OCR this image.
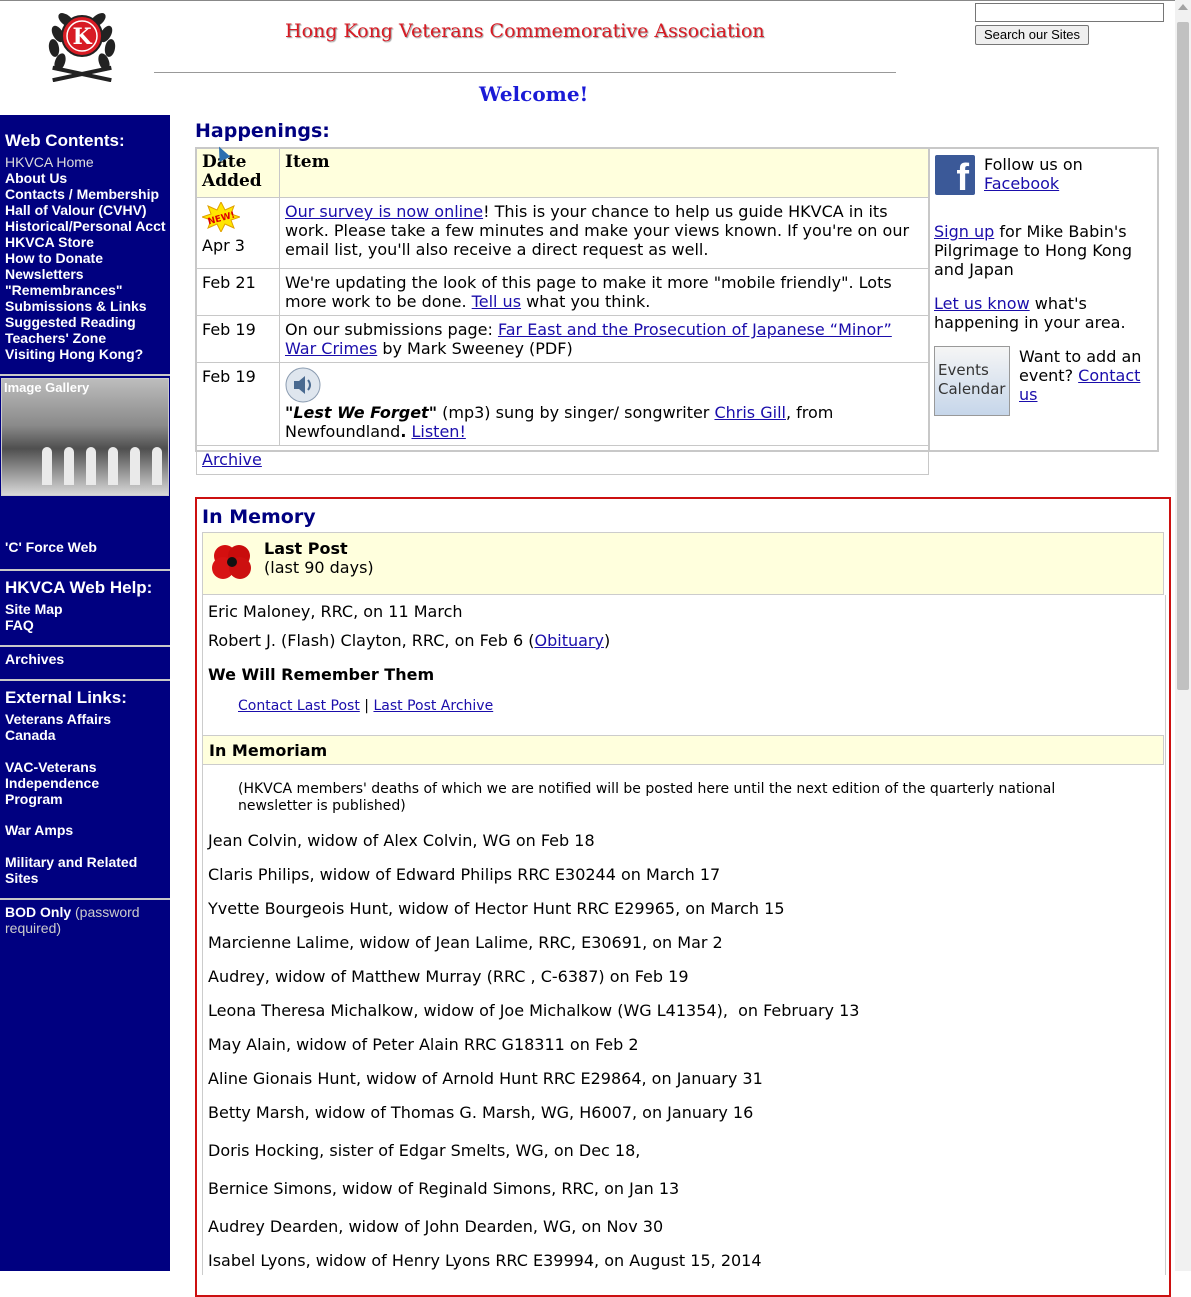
K	Hong Kong Veterans Commemorative Association
Welcome!
Search our Sites
Web Contents:
HKVCA Home
About Us
Contacts / Membership
Hall of Valour (CVHV)
Historical/Personal Acct
HKVCA Store
How to Donate
Newsletters
"Remembrances"
Submissions & Links
Suggested Reading
Teachers' Zone
Visiting Hong Kong?
Image Gallery
'C' Force Web
HKVCA Web Help:
Site Map
FAQ
Archives
External Links:
Veterans Affairs Canada
VAC-Veterans Independence Program
War Amps
Military and Related Sites
BOD Only (password required)
Happenings:
Date Added	Item

NEW!

Apr 3	Our survey is now online! This is your chance to help us guide HKVCA in its work. Please take a few minutes and make your views known. If you're on our email list, you'll also receive a direct request as well.
Feb 21	We're updating the look of this page to make it more "mobile friendly". Lots more work to be done. Tell us what you think.
Feb 19	On our submissions page: Far East and the Prosecution of Japanese “Minor” War Crimes by Mark Sweeney (PDF)
Feb 19	"Lest We Forget" (mp3) sung by singer/ songwriter Chris Gill, from Newfoundland. Listen!
Archive	
f Follow us on
Facebook
Sign up for Mike Babin's Pilgrimage to Hong Kong and Japan
Let us know what's happening in your area.
Events
Calendar
Want to add an event? Contact us
In Memory
Last Post
(last 90 days)
Eric Maloney, RRC, on 11 March
Robert J. (Flash) Clayton, RRC, on Feb 6 (Obituary)
We Will Remember Them
Contact Last Post | Last Post Archive
In Memoriam
(HKVCA members' deaths of which we are notified will be posted here until the next edition of the quarterly national newsletter is published)
Jean Colvin, widow of Alex Colvin, WG on Feb 18
Claris Philips, widow of Edward Philips RRC E30244 on March 17
Yvette Bourgeois Hunt, widow of Hector Hunt RRC E29965, on March 15
Marcienne Lalime, widow of Jean Lalime, RRC, E30691, on Mar 2
Audrey, widow of Matthew Murray (RRC , C-6387) on Feb 19
Leona Theresa Michalkow, widow of Joe Michalkow (WG L41354),  on February 13
May Alain, widow of Peter Alain RRC G18311 on Feb 2
Aline Gionais Hunt, widow of Arnold Hunt RRC E29864, on January 31
Betty Marsh, widow of Thomas G. Marsh, WG, H6007, on January 16
Doris Hocking, sister of Edgar Smelts, WG, on Dec 18,
Bernice Simons, widow of Reginald Simons, RRC, on Jan 13
Audrey Dearden, widow of John Dearden, WG, on Nov 30
Isabel Lyons, widow of Henry Lyons RRC E39994, on August 15, 2014
